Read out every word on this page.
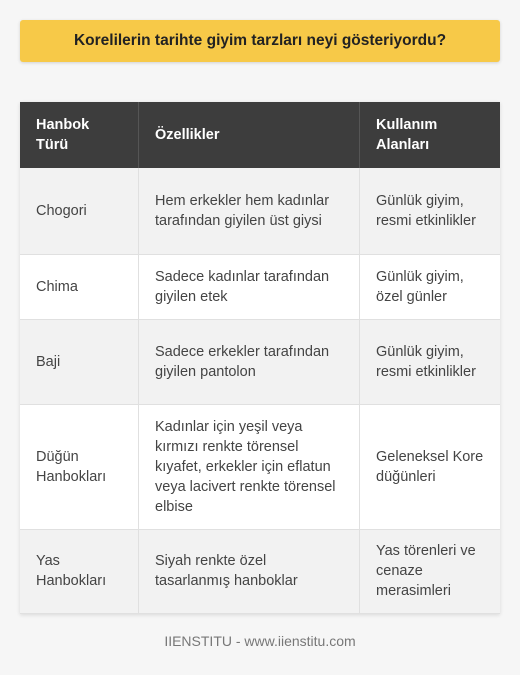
Korelilerin tarihte giyim tarzları neyi gösteriyordu?
Hanbok Türü	Özellikler	Kullanım Alanları
Chogori	Hem erkekler hem kadınlar tarafından giyilen üst giysi	Günlük giyim, resmi etkinlikler
Chima	Sadece kadınlar tarafından giyilen etek	Günlük giyim, özel günler
Baji	Sadece erkekler tarafından giyilen pantolon	Günlük giyim, resmi etkinlikler
Düğün Hanbokları	Kadınlar için yeşil veya kırmızı renkte törensel kıyafet, erkekler için eflatun veya lacivert renkte törensel elbise	Geleneksel Kore düğünleri
Yas Hanbokları	Siyah renkte özel tasarlanmış hanboklar	Yas törenleri ve cenaze merasimleri
IIENSTITU - www.iienstitu.com
